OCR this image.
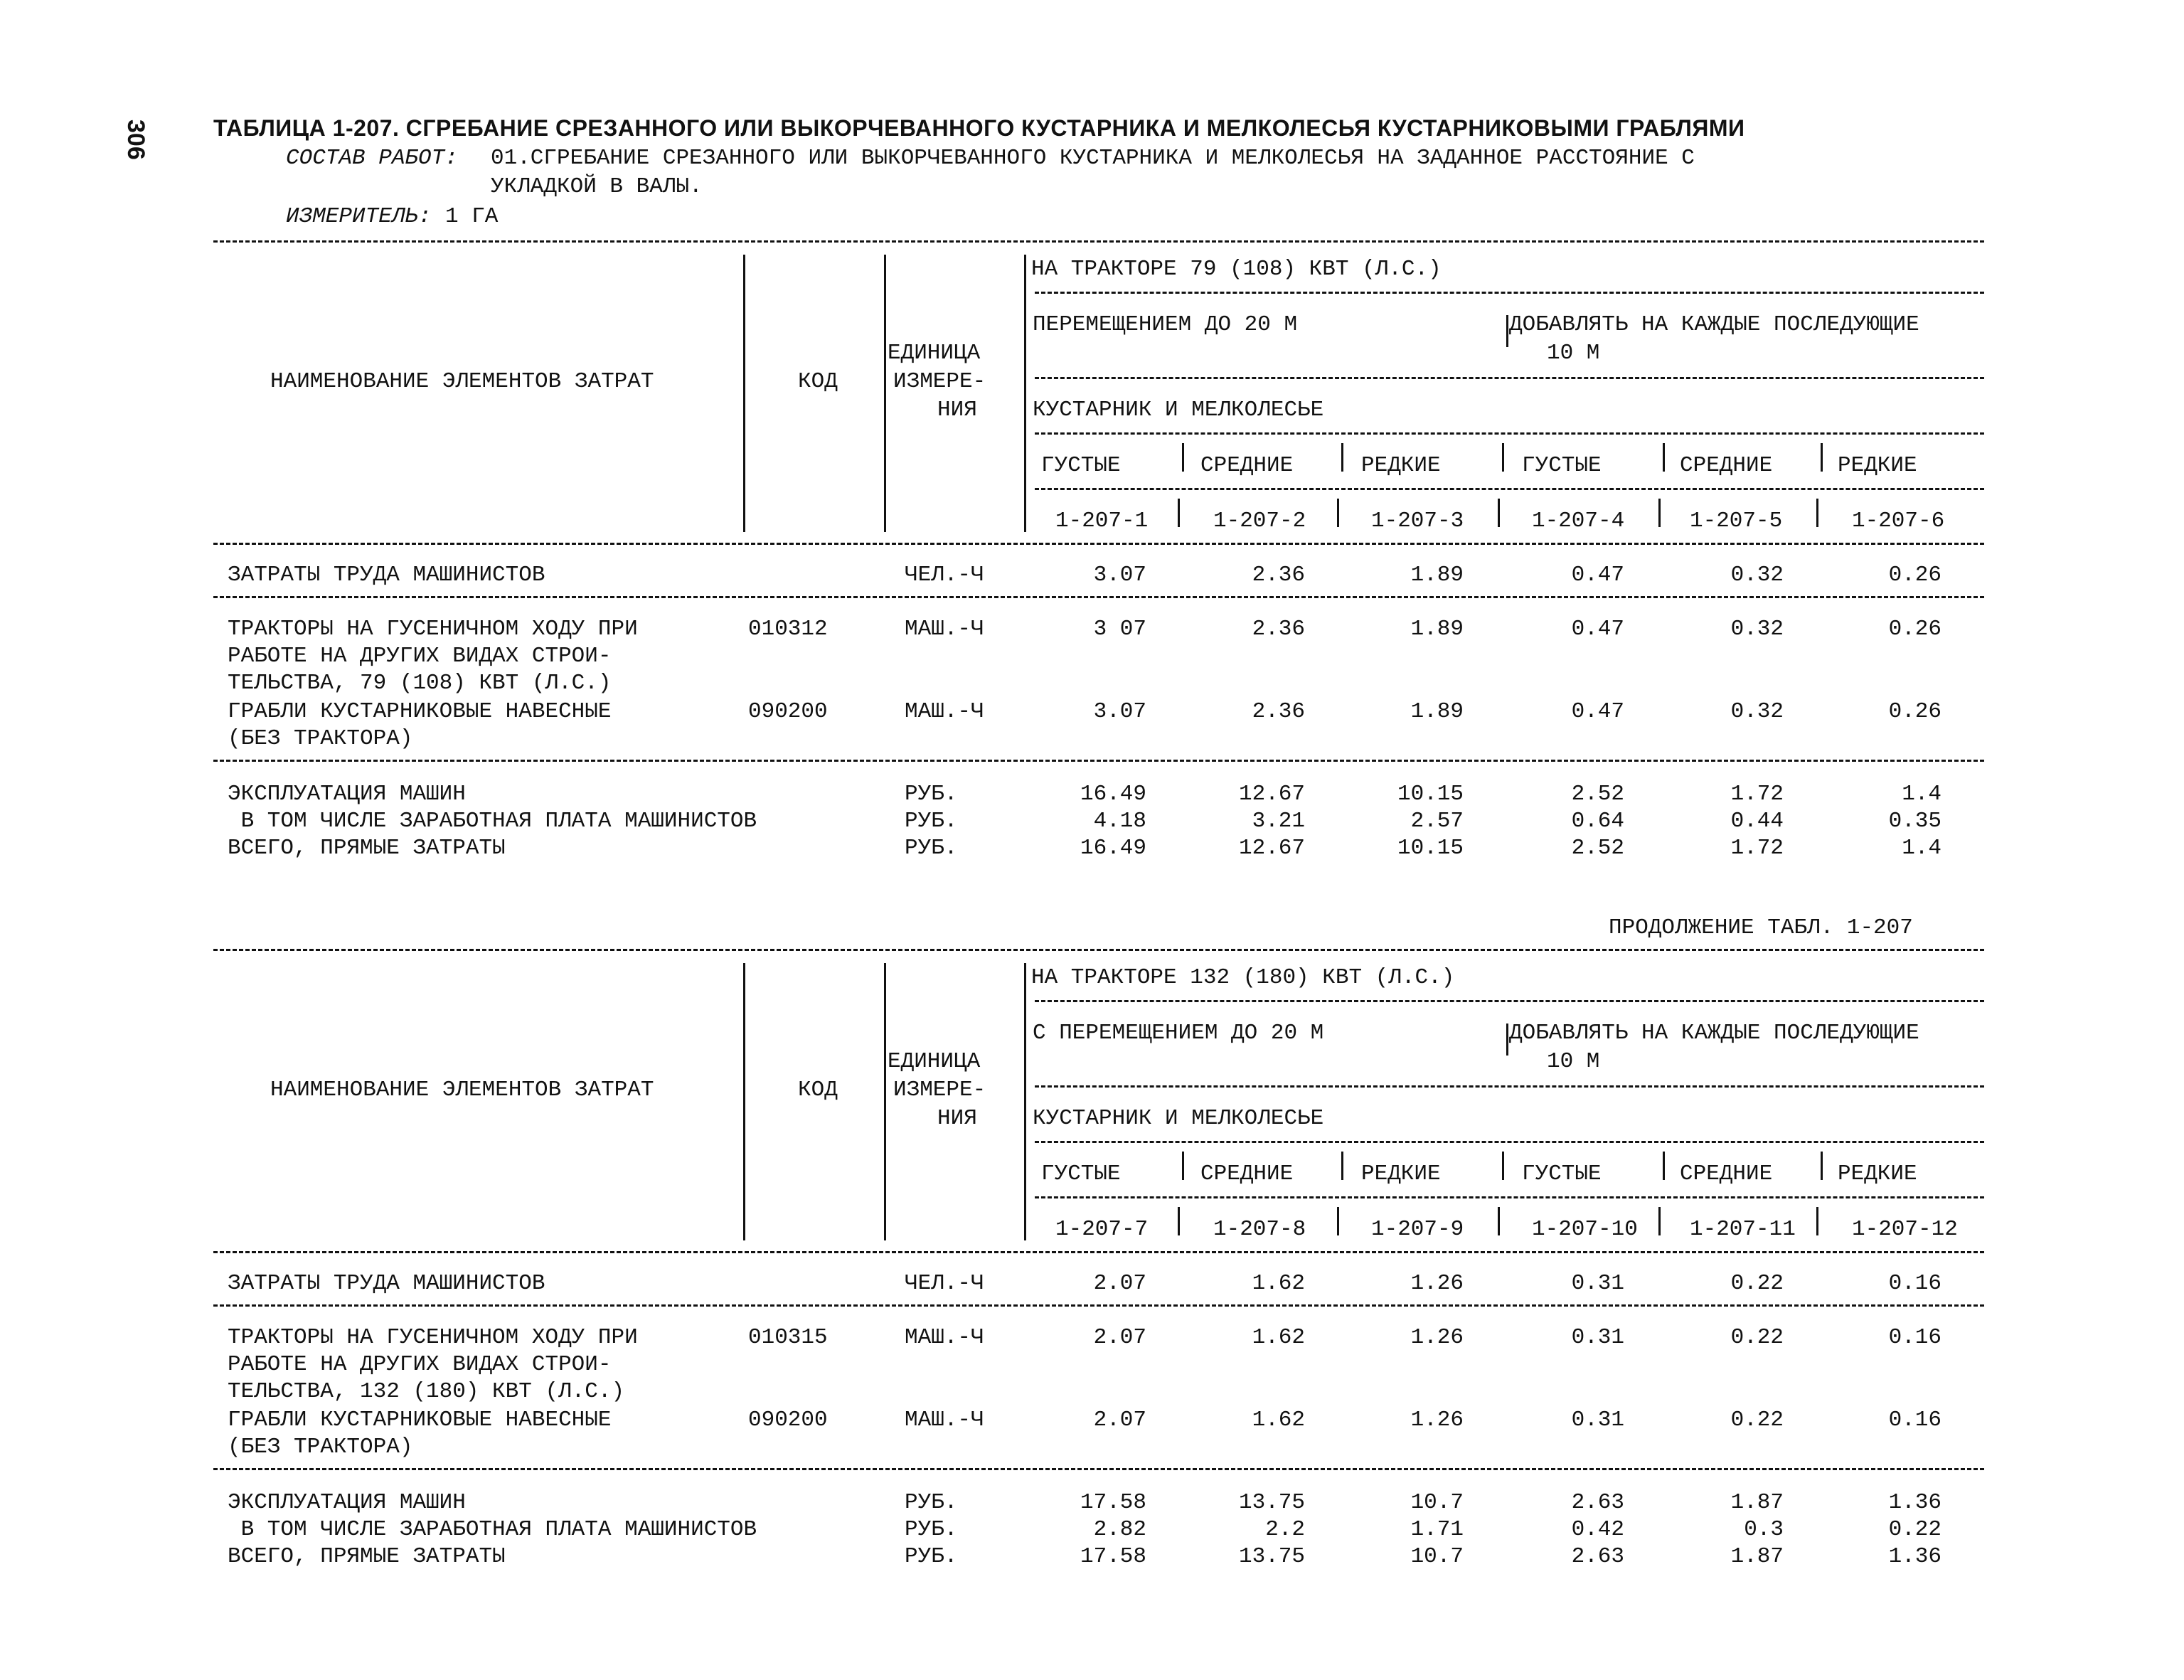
306	ТАБЛИЦА 1-207. СГРЕБАНИЕ СРЕЗАННОГО ИЛИ ВЫКОРЧЕВАННОГО КУСТАРНИКА И МЕЛКОЛЕСЬЯ КУСТАРНИКОВЫМИ ГРАБЛЯМИ
СОСТАВ РАБОТ: 01.СГРЕБАНИЕ СРЕЗАННОГО ИЛИ ВЫКОРЧЕВАННОГО КУСТАРНИКА И МЕЛКОЛЕСЬЯ НА ЗАДАННОЕ РАССТОЯНИЕ С
УКЛАДКОЙ В ВАЛЫ.
ИЗМЕРИТЕЛЬ: 1 ГА
НА ТРАКТОРЕ 79 (108) КВТ (Л.С.)
ПЕРЕМЕЩЕНИЕМ ДО 20 М	ДОБАВЛЯТЬ НА КАЖДЫЕ ПОСЛЕДУЮЩИЕ
10 М
ЕДИНИЦА
НАИМЕНОВАНИЕ ЭЛЕМЕНТОВ ЗАТРАТ	КОД	ИЗМЕРЕ-
НИЯ	КУСТАРНИК И МЕЛКОЛЕСЬЕ
ГУСТЫЕ	СРЕДНИЕ	РЕДКИЕ	ГУСТЫЕ	СРЕДНИЕ	РЕДКИЕ
1-207-1	1-207-2	1-207-3	1-207-4	1-207-5	1-207-6
ЗАТРАТЫ ТРУДА МАШИНИСТОВ	ЧЕЛ.-Ч	3.07	2.36	1.89	0.47	0.32	0.26
ТРАКТОРЫ НА ГУСЕНИЧНОМ ХОДУ ПРИ
РАБОТЕ НА ДРУГИХ ВИДАХ СТРОИ-
ТЕЛЬСТВА, 79 (108) КВТ (Л.С.)
010312	МАШ.-Ч	3 07	2.36	1.89	0.47	0.32	0.26
ГРАБЛИ КУСТАРНИКОВЫЕ НАВЕСНЫЕ
(БЕЗ ТРАКТОРА)
090200	МАШ.-Ч	3.07	2.36	1.89	0.47	0.32	0.26
ЭКСПЛУАТАЦИЯ МАШИН	РУБ.	16.49	12.67	10.15	2.52	1.72	1.4
В ТОМ ЧИСЛЕ ЗАРАБОТНАЯ ПЛАТА МАШИНИСТОВ	РУБ.	4.18	3.21	2.57	0.64	0.44	0.35
ВСЕГО, ПРЯМЫЕ ЗАТРАТЫ	РУБ.	16.49	12.67	10.15	2.52	1.72	1.4
ПРОДОЛЖЕНИЕ ТАБЛ. 1-207
НА ТРАКТОРЕ 132 (180) КВТ (Л.С.)
С ПЕРЕМЕЩЕНИЕМ ДО 20 М	ДОБАВЛЯТЬ НА КАЖДЫЕ ПОСЛЕДУЮЩИЕ
10 М
ЕДИНИЦА
НАИМЕНОВАНИЕ ЭЛЕМЕНТОВ ЗАТРАТ	КОД	ИЗМЕРЕ-
НИЯ	КУСТАРНИК И МЕЛКОЛЕСЬЕ
ГУСТЫЕ	СРЕДНИЕ	РЕДКИЕ	ГУСТЫЕ	СРЕДНИЕ	РЕДКИЕ
1-207-7	1-207-8	1-207-9	1-207-10 1-207-11	1-207-12
ЗАТРАТЫ ТРУДА МАШИНИСТОВ	ЧЕЛ.-Ч	2.07	1.62	1.26	0.31	0.22	0.16
ТРАКТОРЫ НА ГУСЕНИЧНОМ ХОДУ ПРИ
РАБОТЕ НА ДРУГИХ ВИДАХ СТРОИ-
ТЕЛЬСТВА, 132 (180) КВТ (Л.С.)
010315	МАШ.-Ч	2.07	1.62	1.26	0.31	0.22	0.16
ГРАБЛИ КУСТАРНИКОВЫЕ НАВЕСНЫЕ
(БЕЗ ТРАКТОРА)
090200	МАШ.-Ч	2.07	1.62	1.26	0.31	0.22	0.16
ЭКСПЛУАТАЦИЯ МАШИН	РУБ.	17.58	13.75	10.7	2.63	1.87	1.36
В ТОМ ЧИСЛЕ ЗАРАБОТНАЯ ПЛАТА МАШИНИСТОВ	РУБ.	2.82	2.2	1.71	0.42	0.3	0.22
ВСЕГО, ПРЯМЫЕ ЗАТРАТЫ	РУБ.	17.58	13.75	10.7	2.63	1.87	1.36
